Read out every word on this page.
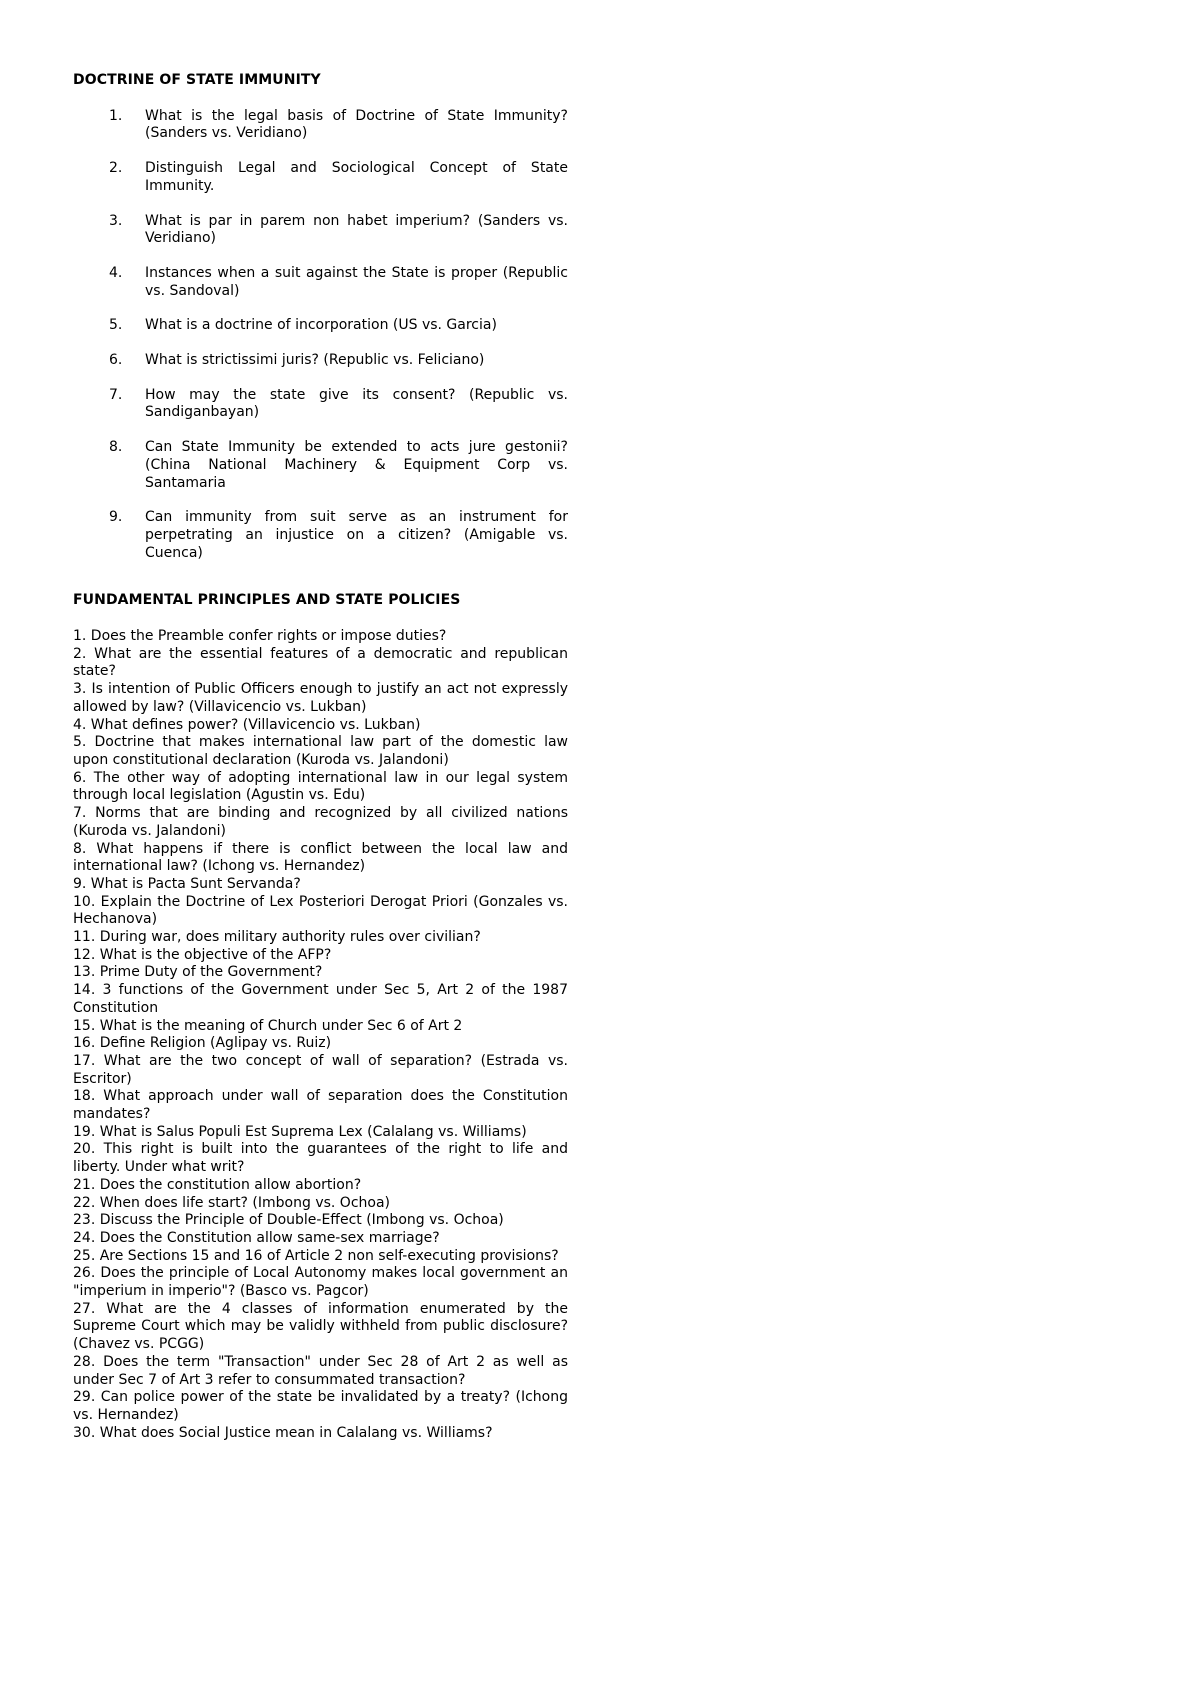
DOCTRINE OF STATE IMMUNITY

1.	What is the legal basis of Doctrine of State Immunity? (Sanders vs. Veridiano)
2.	Distinguish Legal and Sociological Concept of State Immunity.
3.	What is par in parem non habet imperium? (Sanders vs. Veridiano)
4.	Instances when a suit against the State is proper (Republic vs. Sandoval)
5.	What is a doctrine of incorporation (US vs. Garcia)
6.	What is strictissimi juris? (Republic vs. Feliciano)
7.	How may the state give its consent? (Republic vs. Sandiganbayan)
8.	Can State Immunity be extended to acts jure gestonii? (China National Machinery & Equipment Corp vs. Santamaria
9.	Can immunity from suit serve as an instrument for perpetrating an injustice on a citizen? (Amigable vs. Cuenca)

FUNDAMENTAL PRINCIPLES AND STATE POLICIES

1. Does the Preamble confer rights or impose duties?
2. What are the essential features of a democratic and republican state?
3. Is intention of Public Officers enough to justify an act not expressly allowed by law? (Villavicencio vs. Lukban)
4. What defines power? (Villavicencio vs. Lukban)
5. Doctrine that makes international law part of the domestic law upon constitutional declaration (Kuroda vs. Jalandoni)
6. The other way of adopting international law in our legal system through local legislation (Agustin vs. Edu)
7. Norms that are binding and recognized by all civilized nations (Kuroda vs. Jalandoni)
8. What happens if there is conflict between the local law and international law? (Ichong vs. Hernandez)
9. What is Pacta Sunt Servanda?
10. Explain the Doctrine of Lex Posteriori Derogat Priori (Gonzales vs. Hechanova)
11. During war, does military authority rules over civilian?
12. What is the objective of the AFP?
13. Prime Duty of the Government?
14. 3 functions of the Government under Sec 5, Art 2 of the 1987 Constitution
15. What is the meaning of Church under Sec 6 of Art 2
16. Define Religion (Aglipay vs. Ruiz)
17. What are the two concept of wall of separation? (Estrada vs. Escritor)
18. What approach under wall of separation does the Constitution mandates?
19. What is Salus Populi Est Suprema Lex (Calalang vs. Williams)
20. This right is built into the guarantees of the right to life and liberty. Under what writ?
21. Does the constitution allow abortion?
22. When does life start? (Imbong vs. Ochoa)
23. Discuss the Principle of Double-Effect (Imbong vs. Ochoa)
24. Does the Constitution allow same-sex marriage?
25. Are Sections 15 and 16 of Article 2 non self-executing provisions?
26. Does the principle of Local Autonomy makes local government an "imperium in imperio"? (Basco vs. Pagcor)
27. What are the 4 classes of information enumerated by the Supreme Court which may be validly withheld from public disclosure? (Chavez vs. PCGG)
28. Does the term "Transaction" under Sec 28 of Art 2 as well as under Sec 7 of Art 3 refer to consummated transaction?
29. Can police power of the state be invalidated by a treaty? (Ichong vs. Hernandez)
30. What does Social Justice mean in Calalang vs. Williams?
